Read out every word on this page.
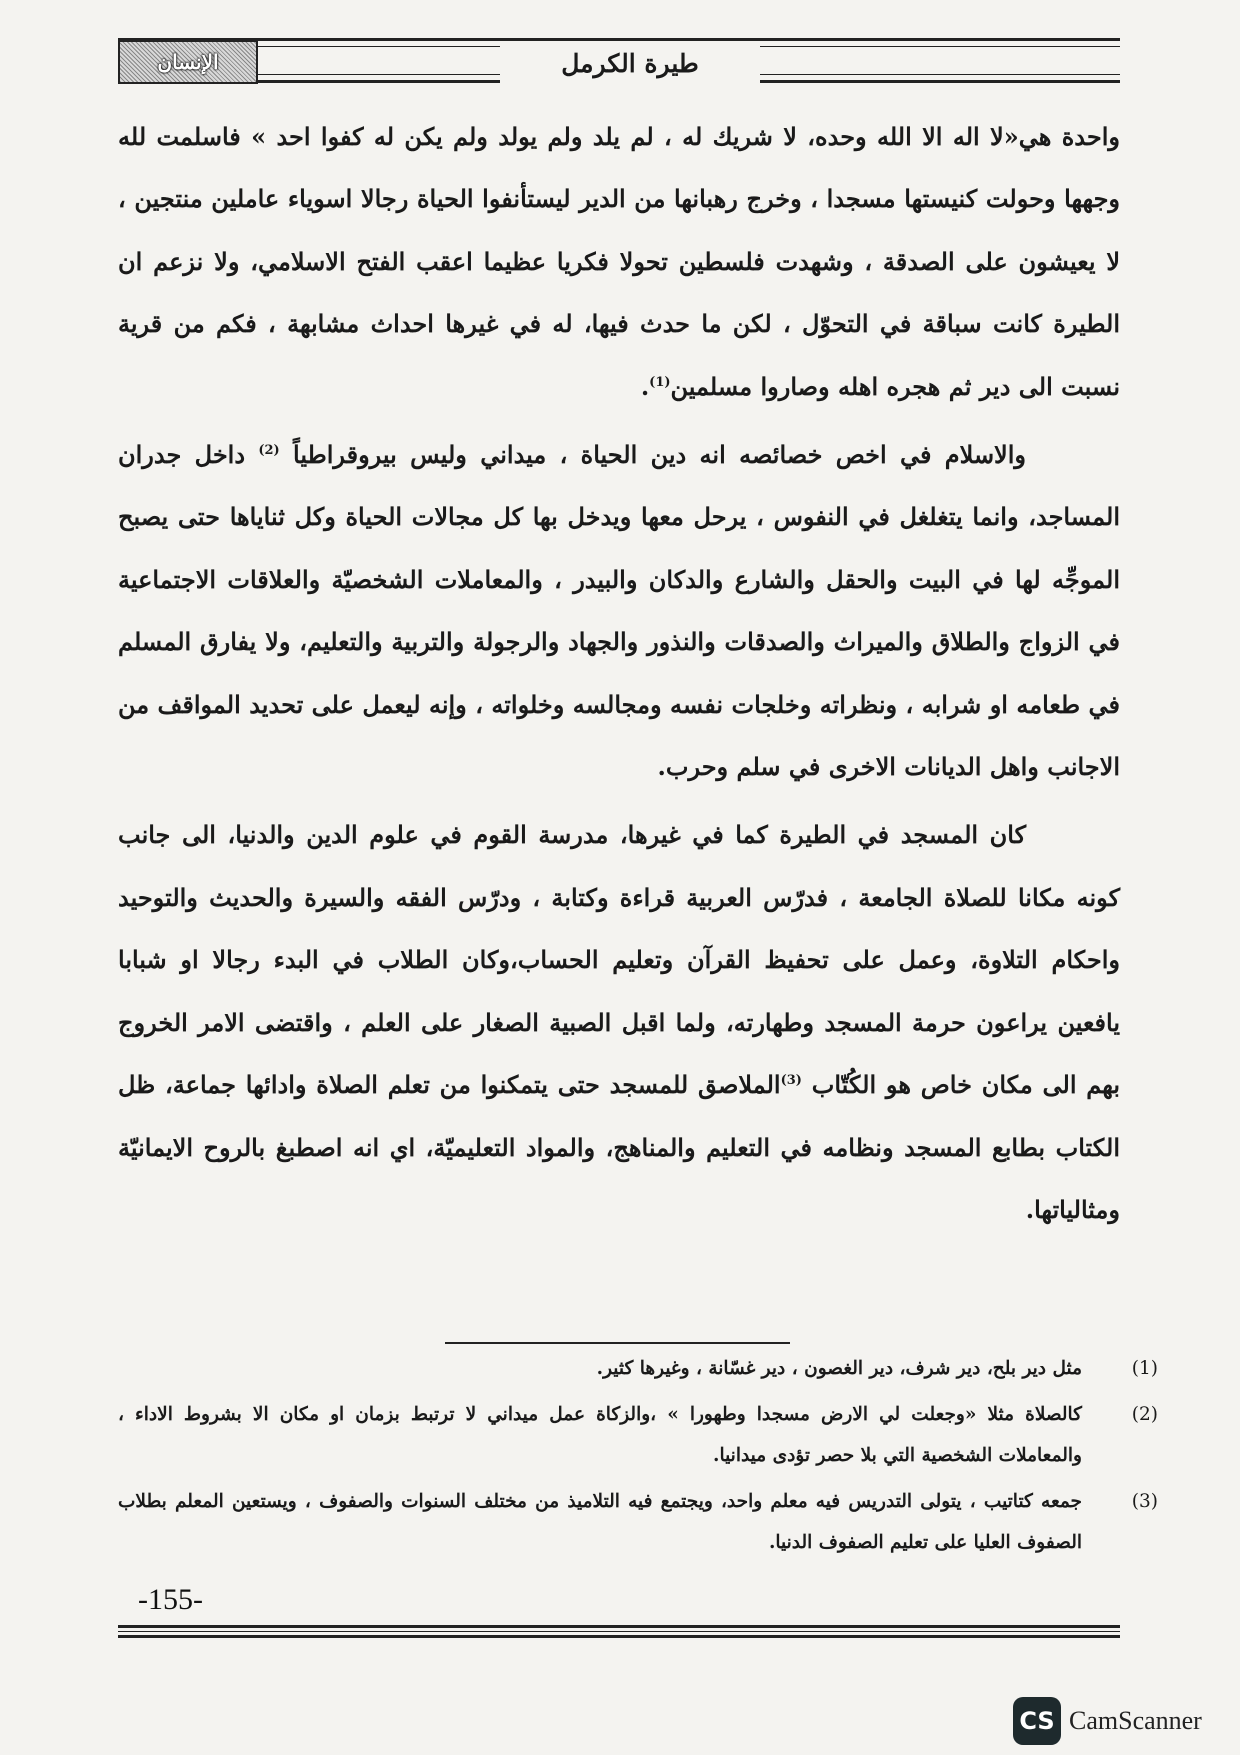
الإنسان	طيرة الكرمل

واحدة هي«لا اله الا الله وحده، لا شريك له ، لم يلد ولم يولد ولم يكن له كفوا احد » فاسلمت لله وجهها وحولت كنيستها مسجدا ، وخرج رهبانها من الدير ليستأنفوا الحياة رجالا اسوياء عاملين منتجين ، لا يعيشون على الصدقة ، وشهدت فلسطين تحولا فكريا عظيما اعقب الفتح الاسلامي، ولا نزعم ان الطيرة كانت سباقة في التحوّل ، لكن ما حدث فيها، له في غيرها احداث مشابهة ، فكم من قرية نسبت الى دير ثم هجره اهله وصاروا مسلمين$^{(1)}$.

والاسلام في اخص خصائصه انه دين الحياة ، ميداني وليس بيروقراطياً $^{(2)}$ داخل جدران المساجد، وانما يتغلغل في النفوس ، يرحل معها ويدخل بها كل مجالات الحياة وكل ثناياها حتى يصبح الموجِّه لها في البيت والحقل والشارع والدكان والبيدر ، والمعاملات الشخصيّة والعلاقات الاجتماعية في الزواج والطلاق والميراث والصدقات والنذور والجهاد والرجولة والتربية والتعليم، ولا يفارق المسلم في طعامه او شرابه ، ونظراته وخلجات نفسه ومجالسه وخلواته ، وإنه ليعمل على تحديد المواقف من الاجانب واهل الديانات الاخرى في سلم وحرب.

كان المسجد في الطيرة كما في غيرها، مدرسة القوم في علوم الدين والدنيا، الى جانب كونه مكانا للصلاة الجامعة ، فدرّس العربية قراءة وكتابة ، ودرّس الفقه والسيرة والحديث والتوحيد واحكام التلاوة، وعمل على تحفيظ القرآن وتعليم الحساب،وكان الطلاب في البدء رجالا او شبابا يافعين يراعون حرمة المسجد وطهارته، ولما اقبل الصبية الصغار على العلم ، واقتضى الامر الخروج بهم الى مكان خاص هو الكُتّاب $^{(3)}$الملاصق للمسجد حتى يتمكنوا من تعلم الصلاة وادائها جماعة، ظل الكتاب بطابع المسجد ونظامه في التعليم والمناهج، والمواد التعليميّة، اي انه اصطبغ بالروح الايمانيّة ومثالياتها.

(1)مثل دير بلح، دير شرف، دير الغصون ، دير غسّانة ، وغيرها كثير.
(2)كالصلاة مثلا «وجعلت لي الارض مسجدا وطهورا » ،والزكاة عمل ميداني لا ترتبط بزمان او مكان الا بشروط الاداء ، والمعاملات الشخصية التي بلا حصر تؤدى ميدانيا.
(3)جمعه كتاتيب ، يتولى التدريس فيه معلم واحد، ويجتمع فيه التلاميذ من مختلف السنوات والصفوف ، ويستعين المعلم بطلاب الصفوف العليا على تعليم الصفوف الدنيا.
-155-
CS CamScanner
